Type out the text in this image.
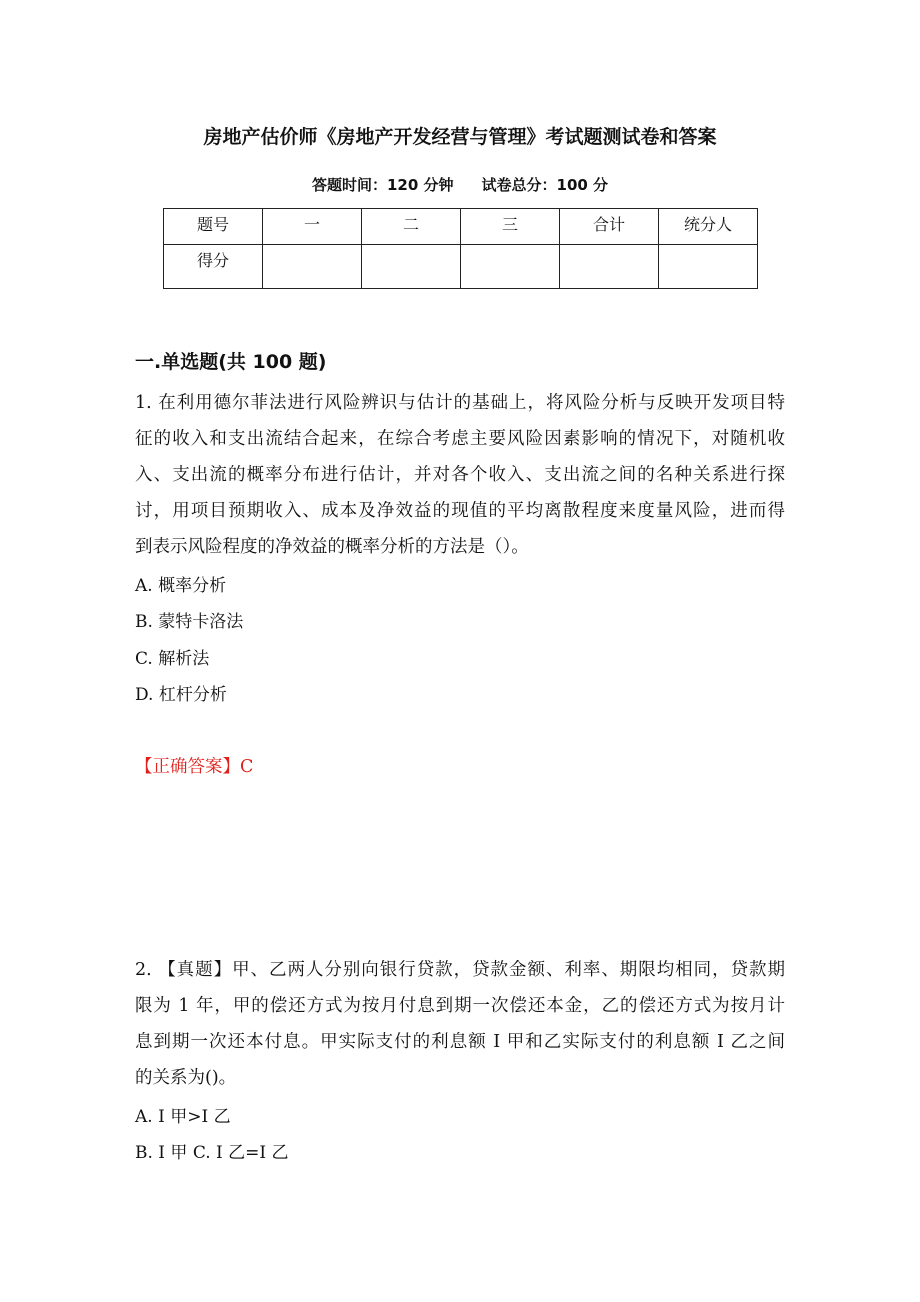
房地产估价师《房地产开发经营与管理》考试题测试卷和答案
答题时间：120 分钟 试卷总分：100 分
题号	一	二	三	合计	统分人
得分					
一.单选题(共 100 题)
1. 在利用德尔菲法进行风险辨识与估计的基础上，将风险分析与反映开发项目特
征的收入和支出流结合起来，在综合考虑主要风险因素影响的情况下，对随机收
入、支出流的概率分布进行估计，并对各个收入、支出流之间的名种关系进行探
讨，用项目预期收入、成本及净效益的现值的平均离散程度来度量风险，进而得
到表示风险程度的净效益的概率分析的方法是（）。
A. 概率分析
B. 蒙特卡洛法
C. 解析法
D. 杠杆分析
【正确答案】C
2. 【真题】甲、乙两人分别向银行贷款，贷款金额、利率、期限均相同，贷款期
限为 1 年，甲的偿还方式为按月付息到期一次偿还本金，乙的偿还方式为按月计
息到期一次还本付息。甲实际支付的利息额 I 甲和乙实际支付的利息额 I 乙之间
的关系为()。
A. I 甲>I 乙
B. I 甲 C. I 乙=I 乙
